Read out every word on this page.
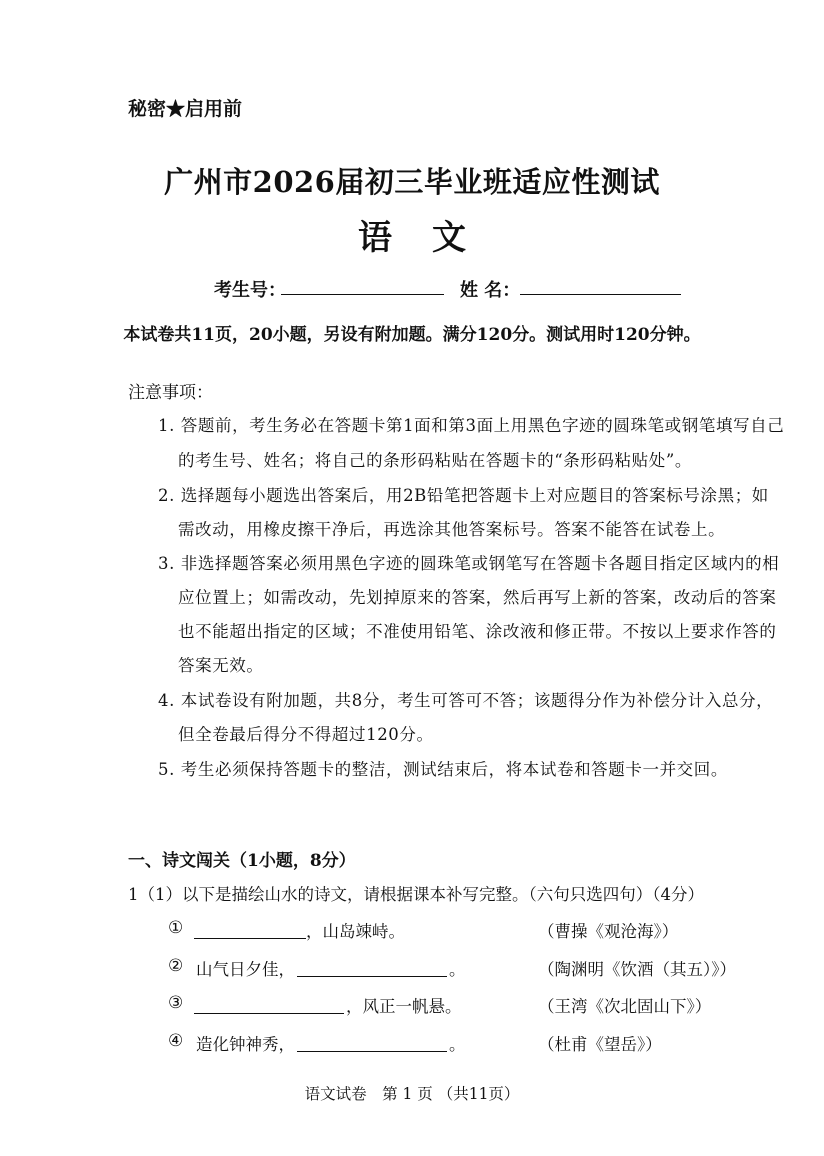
秘密★启用前
广州市2026届初三毕业班适应性测试
语文
考生号：	姓 名：
本试卷共11页，20小题，另设有附加题。满分120分。测试用时120分钟。
注意事项：
1. 答题前，考生务必在答题卡第1面和第3面上用黑色字迹的圆珠笔或钢笔填写自己
的考生号、姓名；将自己的条形码粘贴在答题卡的“条形码粘贴处”。
2. 选择题每小题选出答案后，用2B铅笔把答题卡上对应题目的答案标号涂黑；如
需改动，用橡皮擦干净后，再选涂其他答案标号。答案不能答在试卷上。
3. 非选择题答案必须用黑色字迹的圆珠笔或钢笔写在答题卡各题目指定区域内的相
应位置上；如需改动，先划掉原来的答案，然后再写上新的答案，改动后的答案
也不能超出指定的区域；不准使用铅笔、涂改液和修正带。不按以上要求作答的
答案无效。
4. 本试卷设有附加题，共8分，考生可答可不答；该题得分作为补偿分计入总分，
但全卷最后得分不得超过120分。
5. 考生必须保持答题卡的整洁，测试结束后，将本试卷和答题卡一并交回。
一、诗文闯关（1小题，8分）
1（1）以下是描绘山水的诗文，请根据课本补写完整。（六句只选四句）（4分）
①	，山岛竦峙。	（曹操《观沧海》）
② 山气日夕佳，	。	（陶渊明《饮酒（其五）》）
③	，风正一帆悬。	（王湾《次北固山下》）
④ 造化钟神秀，	。	（杜甫《望岳》）
语文试卷　第 1 页 （共11页）
